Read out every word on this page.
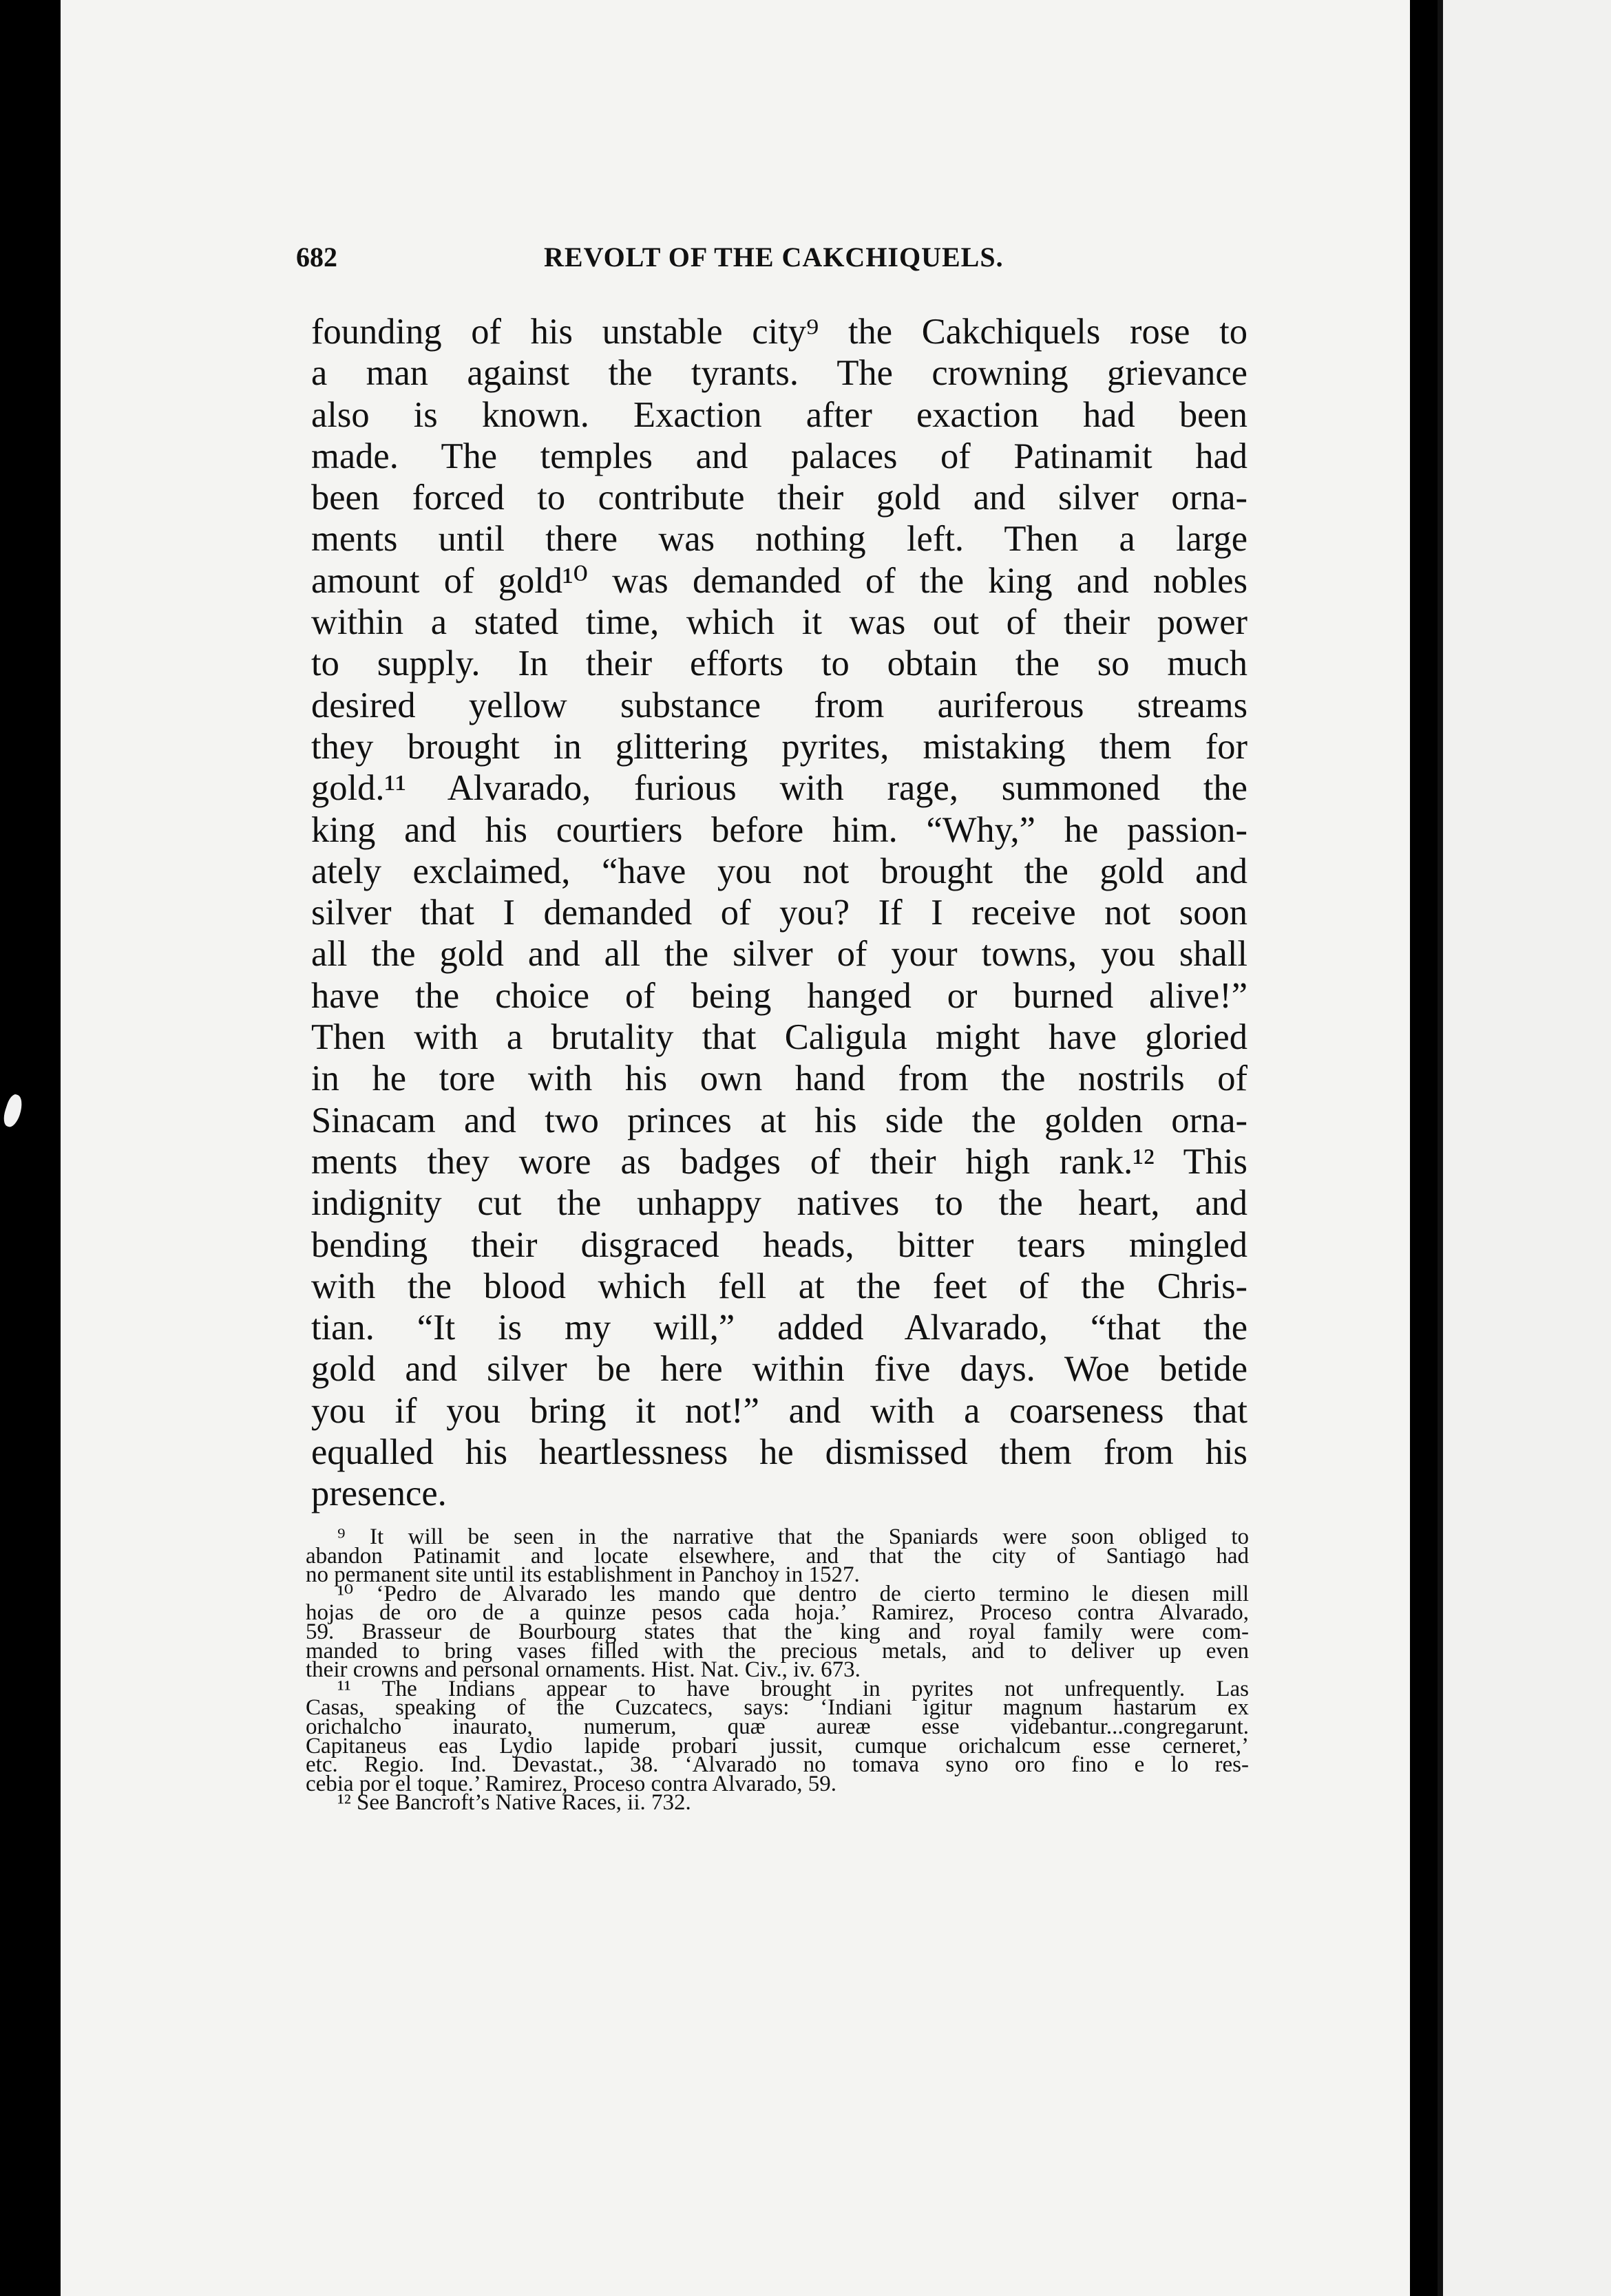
682	REVOLT OF THE CAKCHIQUELS.
founding of his unstable city⁹ the Cakchiquels rose to
a man against the tyrants. The crowning grievance
also is known. Exaction after exaction had been
made. The temples and palaces of Patinamit had
been forced to contribute their gold and silver orna-
ments until there was nothing left. Then a large
amount of gold¹⁰ was demanded of the king and nobles
within a stated time, which it was out of their power
to supply. In their efforts to obtain the so much
desired yellow substance from auriferous streams
they brought in glittering pyrites, mistaking them for
gold.¹¹ Alvarado, furious with rage, summoned the
king and his courtiers before him. “Why,” he passion-
ately exclaimed, “have you not brought the gold and
silver that I demanded of you? If I receive not soon
all the gold and all the silver of your towns, you shall
have the choice of being hanged or burned alive!”
Then with a brutality that Caligula might have gloried
in he tore with his own hand from the nostrils of
Sinacam and two princes at his side the golden orna-
ments they wore as badges of their high rank.¹² This
indignity cut the unhappy natives to the heart, and
bending their disgraced heads, bitter tears mingled
with the blood which fell at the feet of the Chris-
tian. “It is my will,” added Alvarado, “that the
gold and silver be here within five days. Woe betide
you if you bring it not!” and with a coarseness that
equalled his heartlessness he dismissed them from his
presence.
⁹ It will be seen in the narrative that the Spaniards were soon obliged to
abandon Patinamit and locate elsewhere, and that the city of Santiago had
no permanent site until its establishment in Panchoy in 1527.
¹⁰ ‘Pedro de Alvarado les mando que dentro de cierto termino le diesen mill
hojas de oro de a quinze pesos cada hoja.’ Ramirez, Proceso contra Alvarado,
59. Brasseur de Bourbourg states that the king and royal family were com-
manded to bring vases filled with the precious metals, and to deliver up even
their crowns and personal ornaments. Hist. Nat. Civ., iv. 673.
¹¹ The Indians appear to have brought in pyrites not unfrequently. Las
Casas, speaking of the Cuzcatecs, says: ‘Indiani igitur magnum hastarum ex
orichalcho inaurato, numerum, quæ aureæ esse videbantur...congregarunt.
Capitaneus eas Lydio lapide probari jussit, cumque orichalcum esse cerneret,’
etc. Regio. Ind. Devastat., 38. ‘Alvarado no tomava syno oro fino e lo res-
cebia por el toque.’ Ramirez, Proceso contra Alvarado, 59.
¹² See Bancroft’s Native Races, ii. 732.
